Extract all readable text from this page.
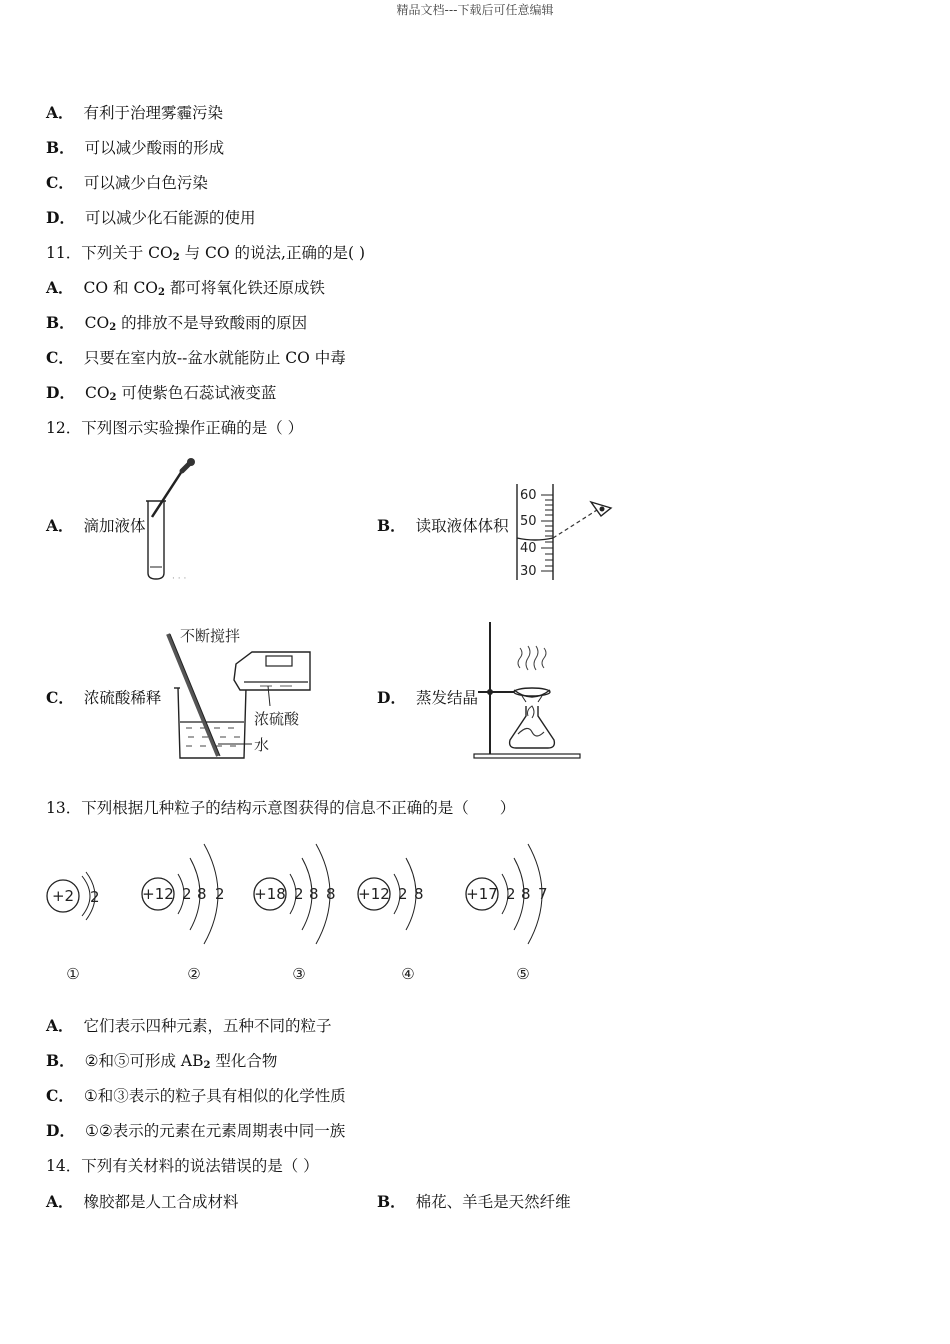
精品文档---下载后可任意编辑
A． 有利于治理雾霾污染
B． 可以减少酸雨的形成
C． 可以减少白色污染
D． 可以减少化石能源的使用
11．下列关于 $CO_2$ 与 CO 的说法,正确的是( )
A． CO 和 $CO_2$ 都可将氧化铁还原成铁
B． $CO_2$ 的排放不是导致酸雨的原因
C． 只要在室内放--盆水就能防止 CO 中毒
D． $CO_2$ 可使紫色石蕊试液变蓝
12．下列图示实验操作正确的是（ ）
A． 滴加液体	B． 读取液体体积
C． 浓硫酸稀释	D． 蒸发结晶
· · ·
60
50
40
30
不断搅拌
浓硫酸
水
13．下列根据几种粒子的结构示意图获得的信息不正确的是（　　）
+2 2
①
+12 2 8 2
②
+18 2 8 8
③
+12 2 8
④
+17 2 8 7
⑤
A． 它们表示四种元素，五种不同的粒子
B． ②和⑤可形成 $AB_2$ 型化合物
C． ①和③表示的粒子具有相似的化学性质
D． ①②表示的元素在元素周期表中同一族
14．下列有关材料的说法错误的是（ ）
A． 橡胶都是人工合成材料	B． 棉花、羊毛是天然纤维
